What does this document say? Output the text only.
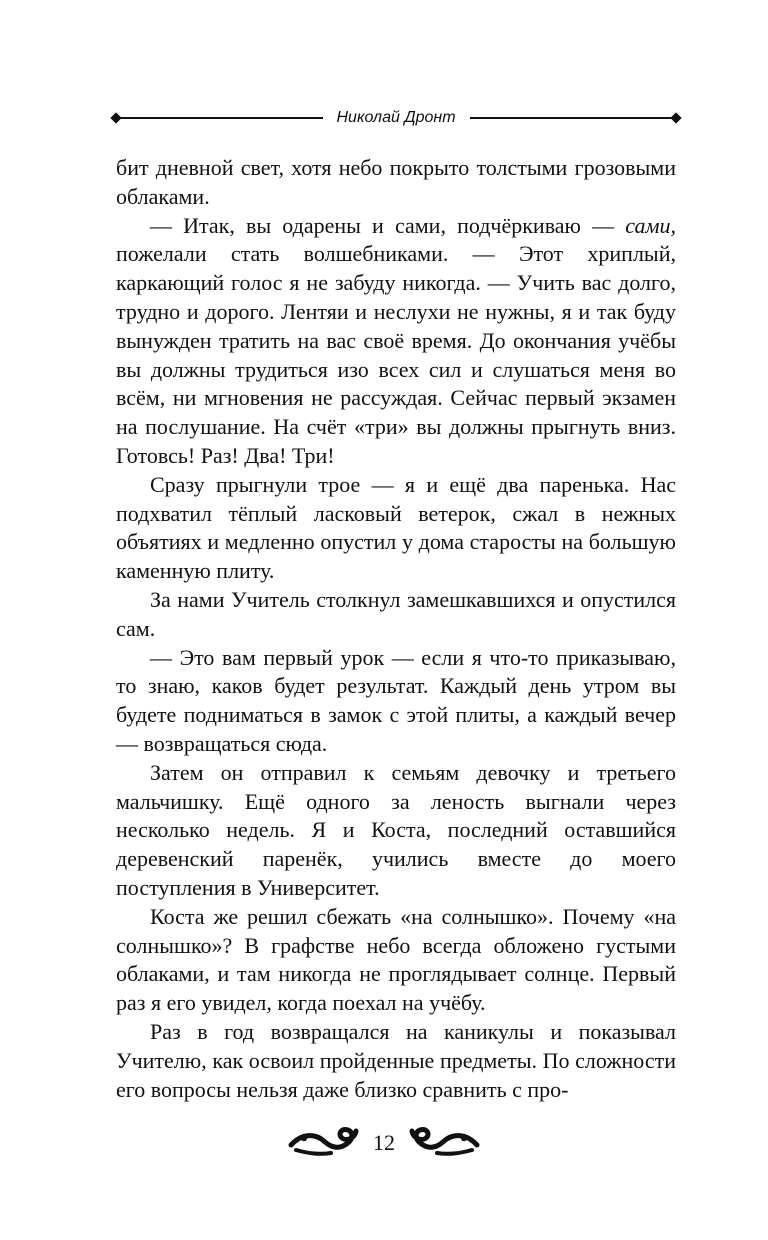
Николай Дронт

бит дневной свет, хотя небо покрыто толстыми грозовыми облаками.

— Итак, вы одарены и сами, подчёркиваю — сами, пожелали стать волшебниками. — Этот хриплый, каркающий голос я не забуду никогда. — Учить вас долго, трудно и дорого. Лентяи и неслухи не нужны, я и так буду вынужден тратить на вас своё время. До окончания учёбы вы должны трудиться изо всех сил и слушаться меня во всём, ни мгновения не рассуждая. Сейчас первый экзамен на послушание. На счёт «три» вы должны прыгнуть вниз. Готовсь! Раз! Два! Три!

Сразу прыгнули трое — я и ещё два паренька. Нас подхватил тёплый ласковый ветерок, сжал в нежных объятиях и медленно опустил у дома старосты на большую каменную плиту.

За нами Учитель столкнул замешкавшихся и опустился сам.

— Это вам первый урок — если я что-то приказываю, то знаю, каков будет результат. Каждый день утром вы будете подниматься в замок с этой плиты, а каждый вечер — возвращаться сюда.

Затем он отправил к семьям девочку и третьего мальчишку. Ещё одного за леность выгнали через несколько недель. Я и Коста, последний оставшийся деревенский паренёк, учились вместе до моего поступления в Университет.

Коста же решил сбежать «на солнышко». Почему «на солнышко»? В графстве небо всегда обложено густыми облаками, и там никогда не проглядывает солнце. Первый раз я его увидел, когда поехал на учёбу.

Раз в год возвращался на каникулы и показывал Учителю, как освоил пройденные предметы. По сложности его вопросы нельзя даже близко сравнить с про-

12
